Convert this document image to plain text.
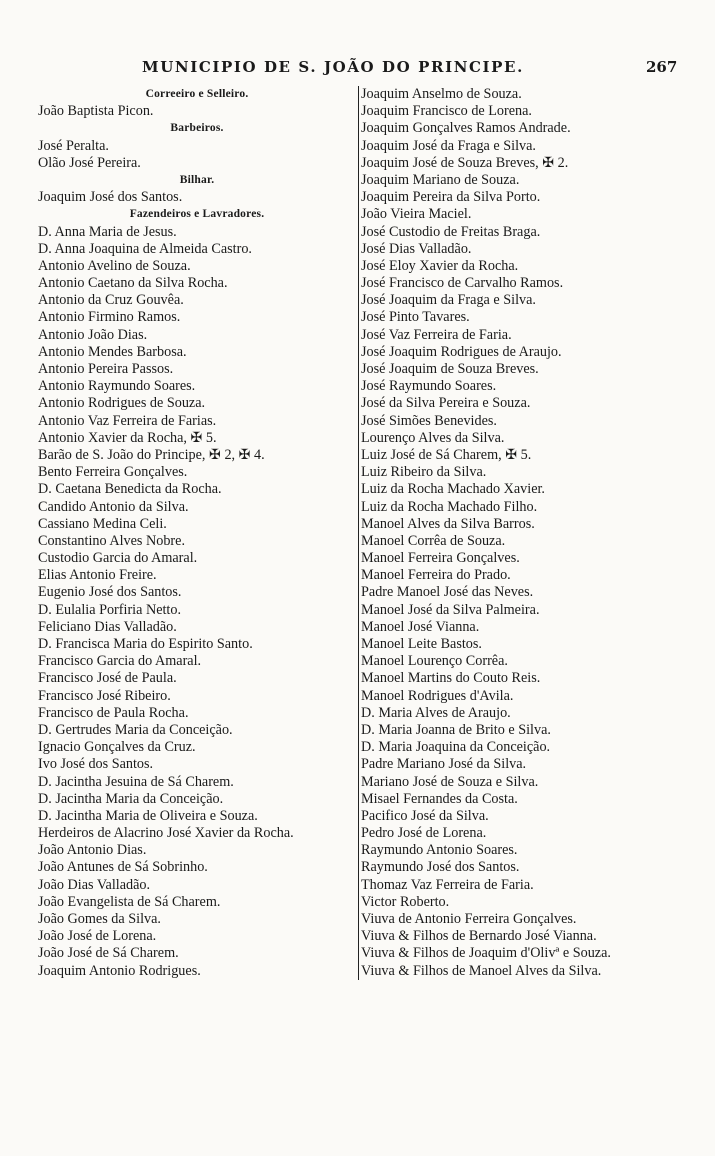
MUNICIPIO DE S. JOÃO DO PRINCIPE.	267
Correeiro e Selleiro.
João Baptista Picon.
Barbeiros.
José Peralta.
Olão José Pereira.
Bilhar.
Joaquim José dos Santos.
Fazendeiros e Lavradores.
D. Anna Maria de Jesus.
D. Anna Joaquina de Almeida Castro.
Antonio Avelino de Souza.
Antonio Caetano da Silva Rocha.
Antonio da Cruz Gouvêa.
Antonio Firmino Ramos.
Antonio João Dias.
Antonio Mendes Barbosa.
Antonio Pereira Passos.
Antonio Raymundo Soares.
Antonio Rodrigues de Souza.
Antonio Vaz Ferreira de Farias.
Antonio Xavier da Rocha, ✠ 5.
Barão de S. João do Principe, ✠ 2, ✠ 4.
Bento Ferreira Gonçalves.
D. Caetana Benedicta da Rocha.
Candido Antonio da Silva.
Cassiano Medina Celi.
Constantino Alves Nobre.
Custodio Garcia do Amaral.
Elias Antonio Freire.
Eugenio José dos Santos.
D. Eulalia Porfiria Netto.
Feliciano Dias Valladão.
D. Francisca Maria do Espirito Santo.
Francisco Garcia do Amaral.
Francisco José de Paula.
Francisco José Ribeiro.
Francisco de Paula Rocha.
D. Gertrudes Maria da Conceição.
Ignacio Gonçalves da Cruz.
Ivo José dos Santos.
D. Jacintha Jesuina de Sá Charem.
D. Jacintha Maria da Conceição.
D. Jacintha Maria de Oliveira e Souza.
Herdeiros de Alacrino José Xavier da Rocha.
João Antonio Dias.
João Antunes de Sá Sobrinho.
João Dias Valladão.
João Evangelista de Sá Charem.
João Gomes da Silva.
João José de Lorena.
João José de Sá Charem.
Joaquim Antonio Rodrigues.
Joaquim Anselmo de Souza.
Joaquim Francisco de Lorena.
Joaquim Gonçalves Ramos Andrade.
Joaquim José da Fraga e Silva.
Joaquim José de Souza Breves, ✠ 2.
Joaquim Mariano de Souza.
Joaquim Pereira da Silva Porto.
João Vieira Maciel.
José Custodio de Freitas Braga.
José Dias Valladão.
José Eloy Xavier da Rocha.
José Francisco de Carvalho Ramos.
José Joaquim da Fraga e Silva.
José Pinto Tavares.
José Vaz Ferreira de Faria.
José Joaquim Rodrigues de Araujo.
José Joaquim de Souza Breves.
José Raymundo Soares.
José da Silva Pereira e Souza.
José Simões Benevides.
Lourenço Alves da Silva.
Luiz José de Sá Charem, ✠ 5.
Luiz Ribeiro da Silva.
Luiz da Rocha Machado Xavier.
Luiz da Rocha Machado Filho.
Manoel Alves da Silva Barros.
Manoel Corrêa de Souza.
Manoel Ferreira Gonçalves.
Manoel Ferreira do Prado.
Padre Manoel José das Neves.
Manoel José da Silva Palmeira.
Manoel José Vianna.
Manoel Leite Bastos.
Manoel Lourenço Corrêa.
Manoel Martins do Couto Reis.
Manoel Rodrigues d'Avila.
D. Maria Alves de Araujo.
D. Maria Joanna de Brito e Silva.
D. Maria Joaquina da Conceição.
Padre Mariano José da Silva.
Mariano José de Souza e Silva.
Misael Fernandes da Costa.
Pacifico José da Silva.
Pedro José de Lorena.
Raymundo Antonio Soares.
Raymundo José dos Santos.
Thomaz Vaz Ferreira de Faria.
Victor Roberto.
Viuva de Antonio Ferreira Gonçalves.
Viuva & Filhos de Bernardo José Vianna.
Viuva & Filhos de Joaquim d'Olivª e Souza.
Viuva & Filhos de Manoel Alves da Silva.
